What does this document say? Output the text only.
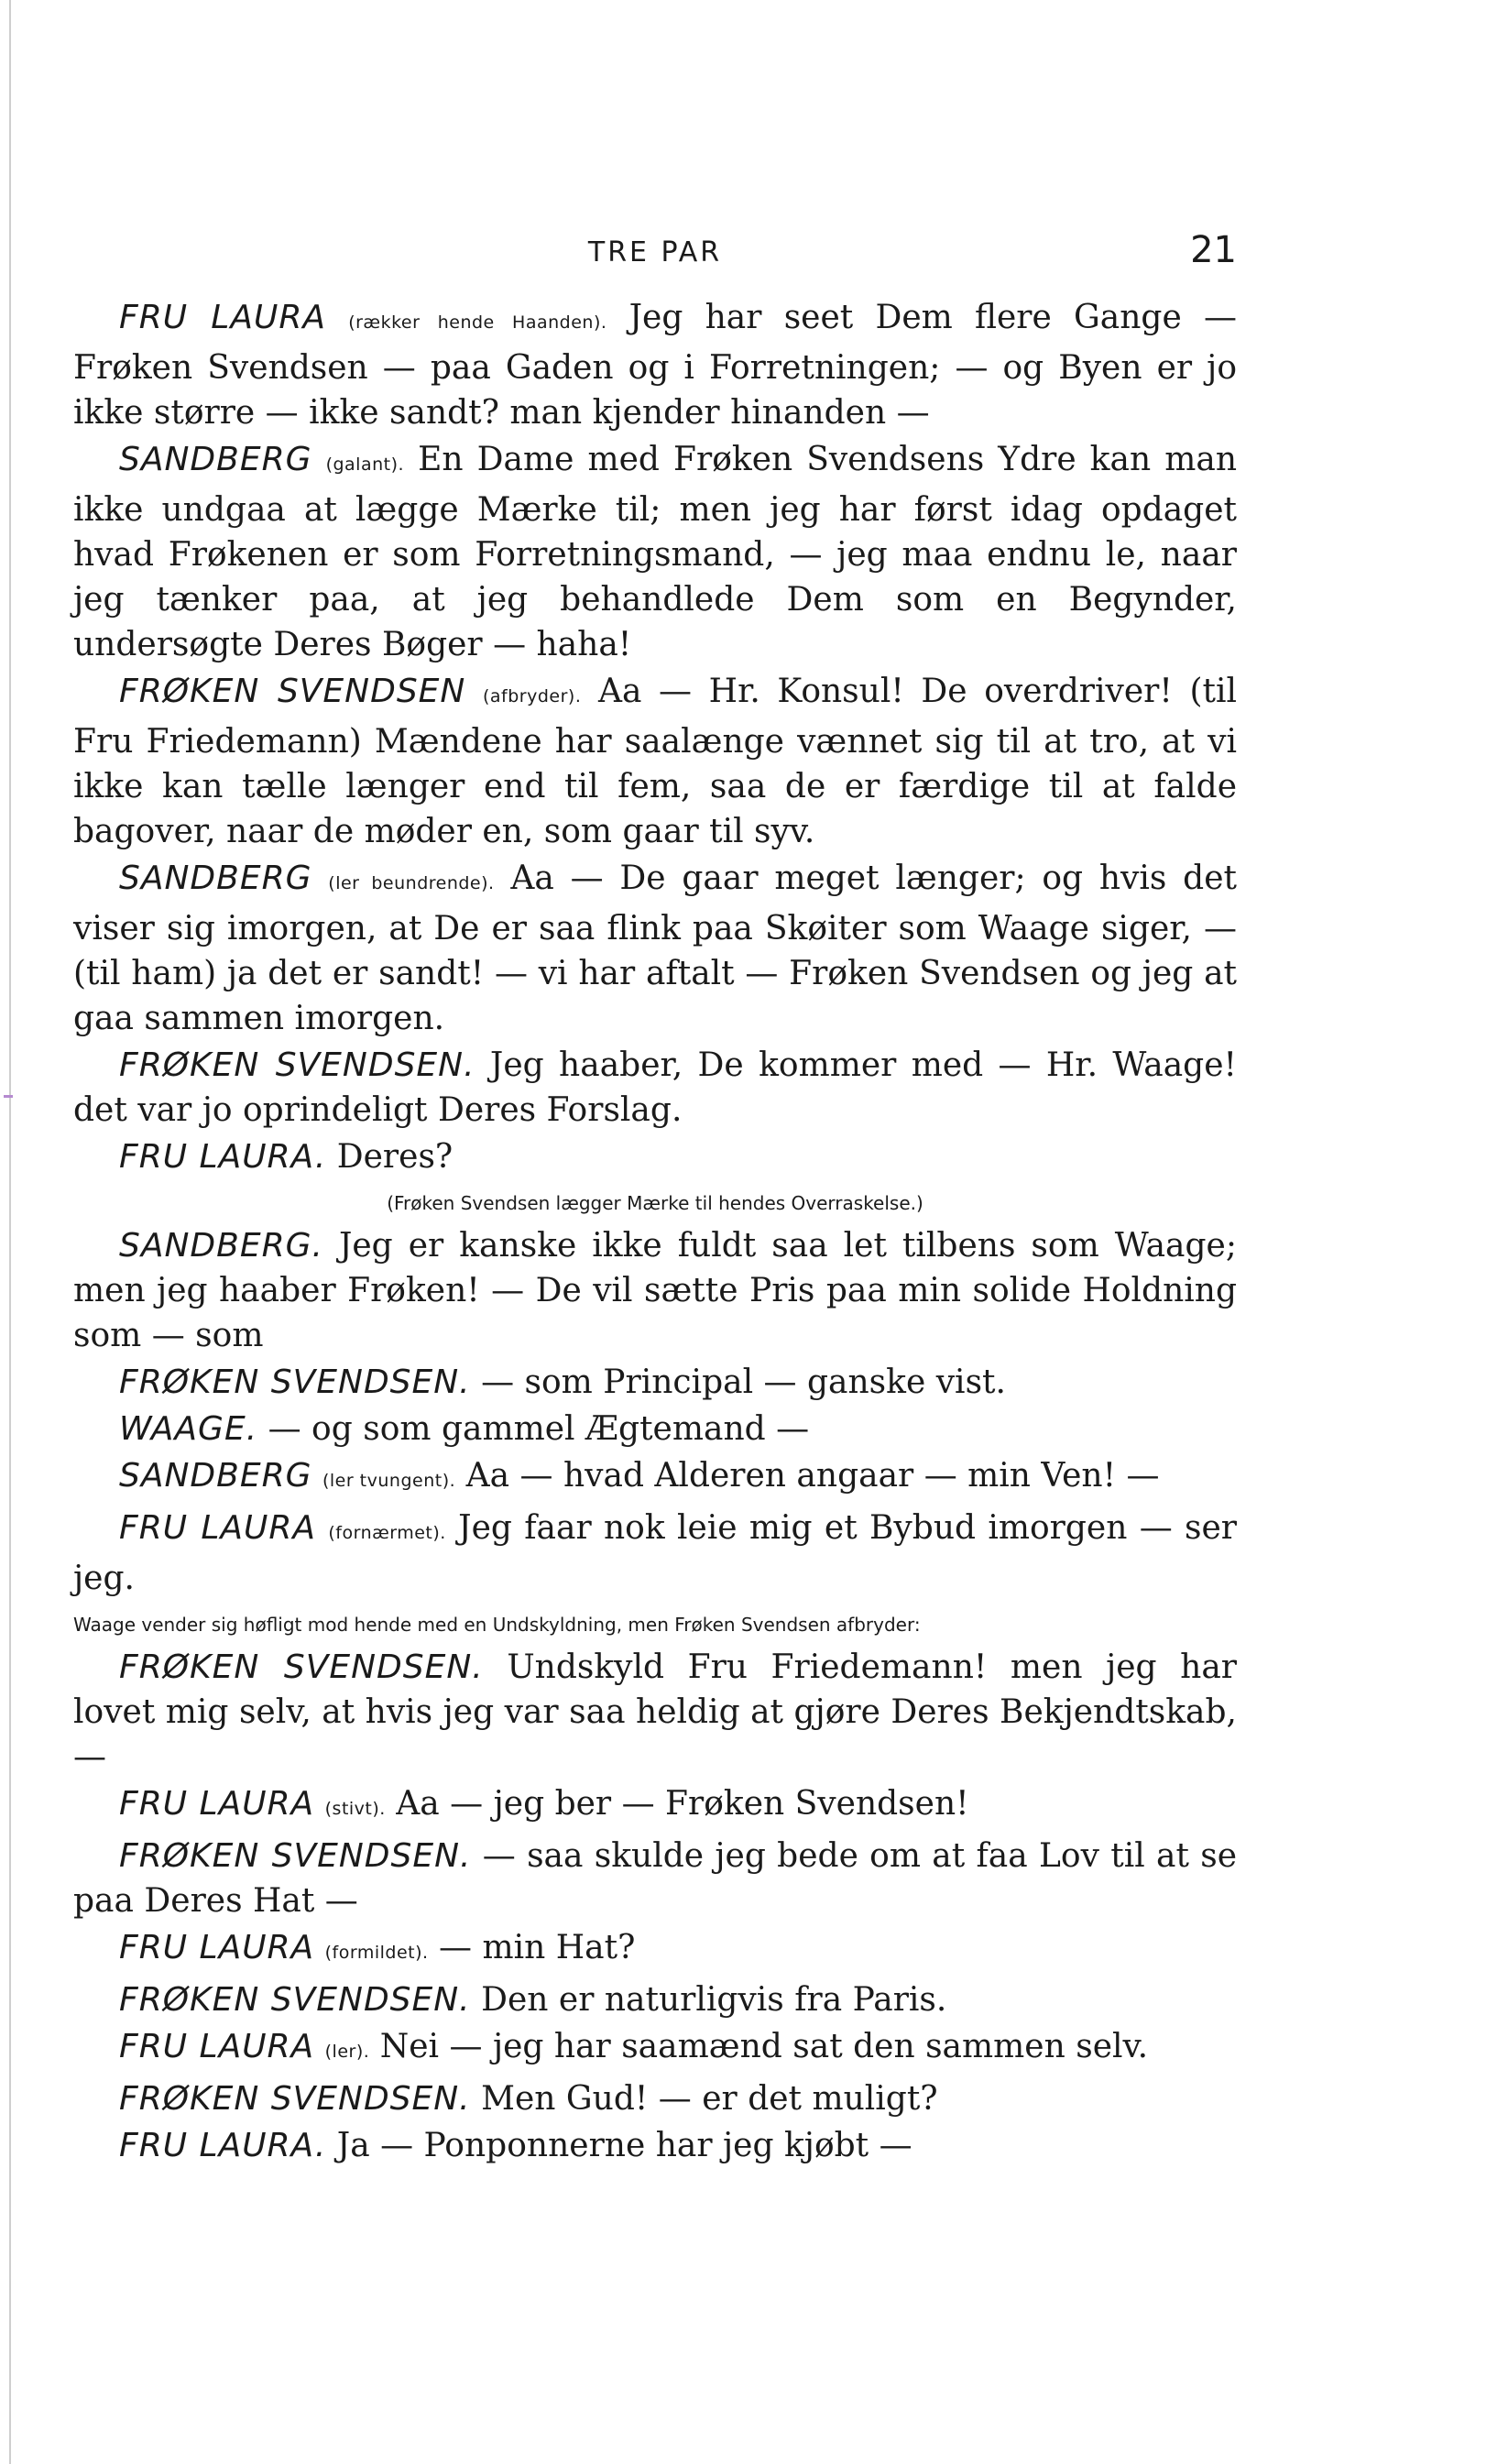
TRE PAR	21

FRU LAURA (rækker hende Haanden). Jeg har seet Dem flere Gange — Frøken Svendsen — paa Gaden og i Forretningen; — og Byen er jo ikke større — ikke sandt? man kjender hinanden —

SANDBERG (galant). En Dame med Frøken Svendsens Ydre kan man ikke undgaa at lægge Mærke til; men jeg har først idag opdaget hvad Frøkenen er som Forretningsmand, — jeg maa endnu le, naar jeg tænker paa, at jeg behandlede Dem som en Begynder, undersøgte Deres Bøger — haha!

FRØKEN SVENDSEN (afbryder). Aa — Hr. Konsul! De overdriver! (til Fru Friedemann) Mændene har saalænge vænnet sig til at tro, at vi ikke kan tælle længer end til fem, saa de er færdige til at falde bagover, naar de møder en, som gaar til syv.

SANDBERG (ler beundrende). Aa — De gaar meget længer; og hvis det viser sig imorgen, at De er saa flink paa Skøiter som Waage siger, — (til ham) ja det er sandt! — vi har aftalt — Frøken Svendsen og jeg at gaa sammen imorgen.

FRØKEN SVENDSEN. Jeg haaber, De kommer med — Hr. Waage! det var jo oprindeligt Deres Forslag.

FRU LAURA. Deres?

(Frøken Svendsen lægger Mærke til hendes Overraskelse.)

SANDBERG. Jeg er kanske ikke fuldt saa let tilbens som Waage; men jeg haaber Frøken! — De vil sætte Pris paa min solide Holdning som — som

FRØKEN SVENDSEN. — som Principal — ganske vist.

WAAGE. — og som gammel Ægtemand —

SANDBERG (ler tvungent). Aa — hvad Alderen angaar — min Ven! —

FRU LAURA (fornærmet). Jeg faar nok leie mig et Bybud imorgen — ser jeg.

Waage vender sig høfligt mod hende med en Undskyldning, men Frøken Svendsen afbryder:

FRØKEN SVENDSEN. Undskyld Fru Friedemann! men jeg har lovet mig selv, at hvis jeg var saa heldig at gjøre Deres Bekjendtskab, —

FRU LAURA (stivt). Aa — jeg ber — Frøken Svendsen!

FRØKEN SVENDSEN. — saa skulde jeg bede om at faa Lov til at se paa Deres Hat —

FRU LAURA (formildet). — min Hat?

FRØKEN SVENDSEN. Den er naturligvis fra Paris.

FRU LAURA (ler). Nei — jeg har saamænd sat den sammen selv.

FRØKEN SVENDSEN. Men Gud! — er det muligt?

FRU LAURA. Ja — Ponponnerne har jeg kjøbt —
